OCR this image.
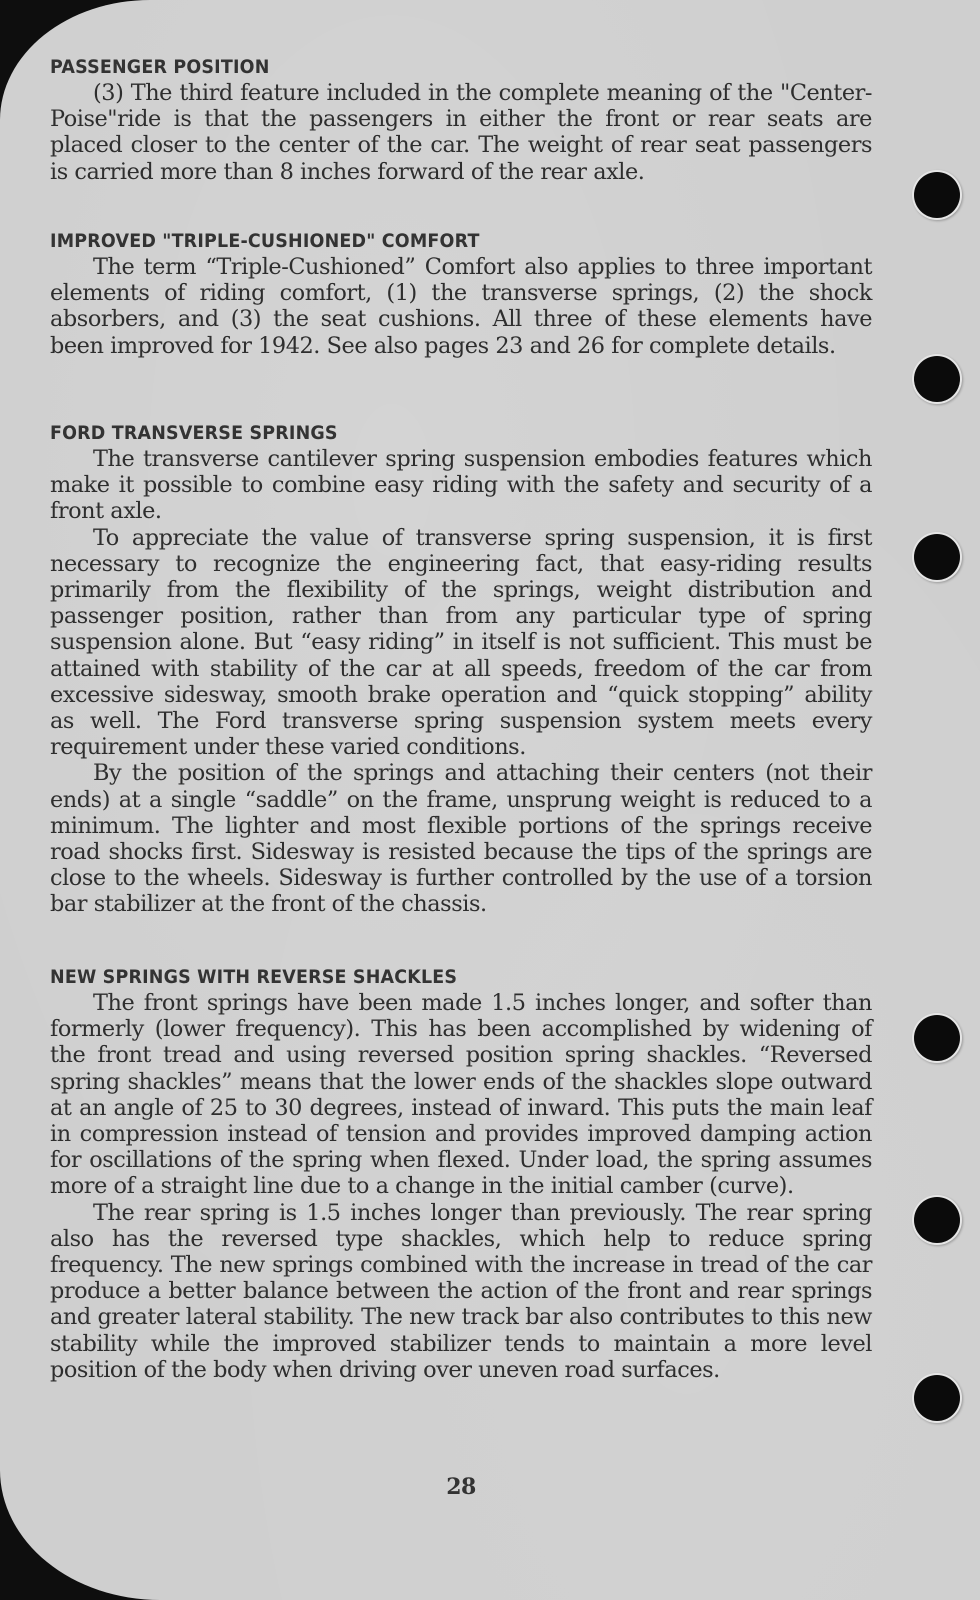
PASSENGER POSITION

(3) The third feature included in the complete meaning of the "Center-Poise"ride is that the passengers in either the front or rear seats are placed closer to the center of the car. The weight of rear seat passengers is carried more than 8 inches forward of the rear axle.

IMPROVED "TRIPLE-CUSHIONED" COMFORT

The term “Triple-Cushioned” Comfort also applies to three important elements of riding comfort, (1) the transverse springs, (2) the shock absorbers, and (3) the seat cushions. All three of these elements have been improved for 1942. See also pages 23 and 26 for complete details.

FORD TRANSVERSE SPRINGS

The transverse cantilever spring suspension embodies features which make it possible to combine easy riding with the safety and security of a front axle.

To appreciate the value of transverse spring suspension, it is first necessary to recognize the engineering fact, that easy-riding results primarily from the flexibility of the springs, weight distribution and passenger position, rather than from any particular type of spring suspension alone. But “easy riding” in itself is not sufficient. This must be attained with stability of the car at all speeds, freedom of the car from excessive sidesway, smooth brake operation and “quick stopping” ability as well. The Ford transverse spring suspension system meets every requirement under these varied conditions.

By the position of the springs and attaching their centers (not their ends) at a single “saddle” on the frame, unsprung weight is reduced to a minimum. The lighter and most flexible portions of the springs receive road shocks first. Sidesway is resisted because the tips of the springs are close to the wheels. Sidesway is further controlled by the use of a torsion bar stabilizer at the front of the chassis.

NEW SPRINGS WITH REVERSE SHACKLES

The front springs have been made 1.5 inches longer, and softer than formerly (lower frequency). This has been accomplished by widening of the front tread and using reversed position spring shackles. “Reversed spring shackles” means that the lower ends of the shackles slope outward at an angle of 25 to 30 degrees, instead of inward. This puts the main leaf in compression instead of tension and provides improved damping action for oscillations of the spring when flexed. Under load, the spring assumes more of a straight line due to a change in the initial camber (curve).

The rear spring is 1.5 inches longer than previously. The rear spring also has the reversed type shackles, which help to reduce spring frequency. The new springs combined with the increase in tread of the car produce a better balance between the action of the front and rear springs and greater lateral stability. The new track bar also contributes to this new stability while the improved stabilizer tends to maintain a more level position of the body when driving over uneven road surfaces.

28
